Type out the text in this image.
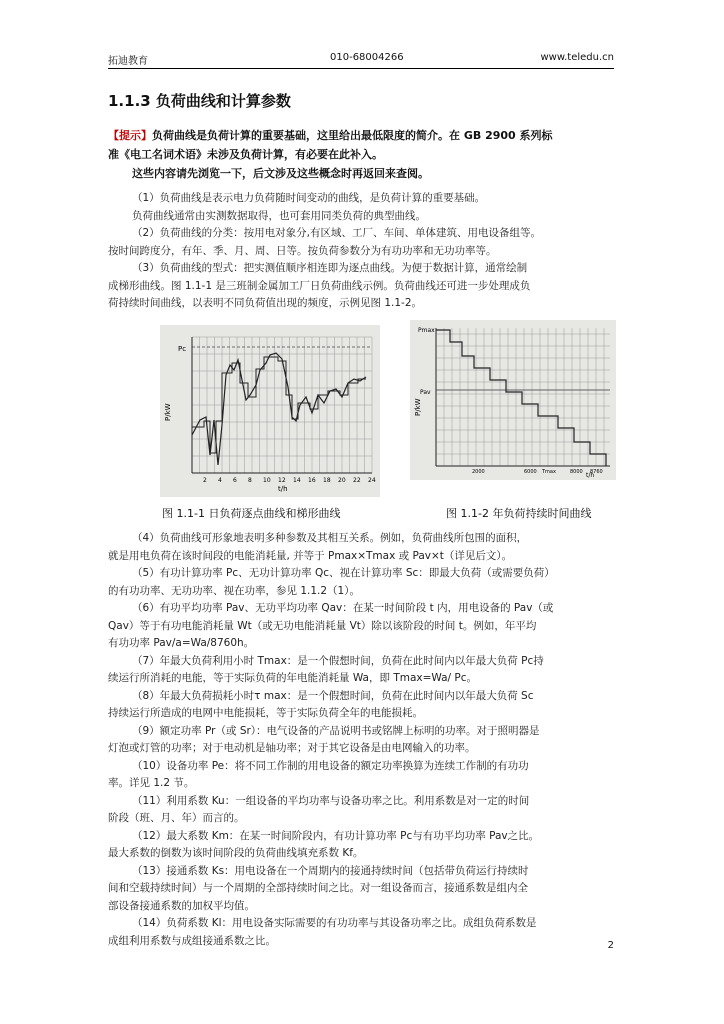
拓迪教育	010-68004266	www.teledu.cn
1.1.3 负荷曲线和计算参数
【提示】负荷曲线是负荷计算的重要基础，这里给出最低限度的简介。在 GB 2900 系列标
准《电工名词术语》未涉及负荷计算，有必要在此补入。
这些内容请先浏览一下，后文涉及这些概念时再返回来查阅。
（1）负荷曲线是表示电力负荷随时间变动的曲线，是负荷计算的重要基础。
负荷曲线通常由实测数据取得，也可套用同类负荷的典型曲线。
（2）负荷曲线的分类：按用电对象分,有区域、工厂、车间、单体建筑、用电设备组等。
按时间跨度分，有年、季、月、周、日等。按负荷参数分为有功功率和无功功率等。
（3）负荷曲线的型式：把实测值顺序相连即为逐点曲线。为便于数据计算，通常绘制
成梯形曲线。图 1.1-1 是三班制金属加工厂日负荷曲线示例。负荷曲线还可进一步处理成负
荷持续时间曲线，以表明不同负荷值出现的频度，示例见图 1.1-2。
Pc
P/kW
t/h
2 4 6 8 10 12 14 16 18 20 22 24
Pmax
Pav
P/kW
t/h
2000	6000 Tmax	8000 8760
图 1.1-1 日负荷逐点曲线和梯形曲线	图 1.1-2 年负荷持续时间曲线
（4）负荷曲线可形象地表明多种参数及其相互关系。例如，负荷曲线所包围的面积，
就是用电负荷在该时间段的电能消耗量, 并等于 Pmax×Tmax 或 Pav×t（详见后文）。
（5）有功计算功率 Pc、无功计算功率 Qc、视在计算功率 Sc：即最大负荷（或需要负荷）
的有功功率、无功功率、视在功率，参见 1.1.2（1）。
（6）有功平均功率 Pav、无功平均功率 Qav：在某一时间阶段 t 内，用电设备的 Pav（或
Qav）等于有功电能消耗量 Wt（或无功电能消耗量 Vt）除以该阶段的时间 t。例如，年平均
有功功率 Pav/a=Wa/8760h。
（7）年最大负荷利用小时 Tmax：是一个假想时间，负荷在此时间内以年最大负荷 Pc持
续运行所消耗的电能，等于实际负荷的年电能消耗量 Wa，即 Tmax=Wa/ Pc。
（8）年最大负荷损耗小时τ max：是一个假想时间，负荷在此时间内以年最大负荷 Sc
持续运行所造成的电网中电能损耗，等于实际负荷全年的电能损耗。
（9）额定功率 Pr（或 Sr）：电气设备的产品说明书或铭牌上标明的功率。对于照明器是
灯泡或灯管的功率；对于电动机是轴功率；对于其它设备是由电网输入的功率。
（10）设备功率 Pe：将不同工作制的用电设备的额定功率换算为连续工作制的有功功
率。详见 1.2 节。
（11）利用系数 Ku：一组设备的平均功率与设备功率之比。利用系数是对一定的时间
阶段（班、月、年）而言的。
（12）最大系数 Km：在某一时间阶段内，有功计算功率 Pc与有功平均功率 Pav之比。
最大系数的倒数为该时间阶段的负荷曲线填充系数 Kf。
（13）接通系数 Ks：用电设备在一个周期内的接通持续时间（包括带负荷运行持续时
间和空载持续时间）与一个周期的全部持续时间之比。对一组设备而言，接通系数是组内全
部设备接通系数的加权平均值。
（14）负荷系数 Kl：用电设备实际需要的有功功率与其设备功率之比。成组负荷系数是
成组利用系数与成组接通系数之比。	2
